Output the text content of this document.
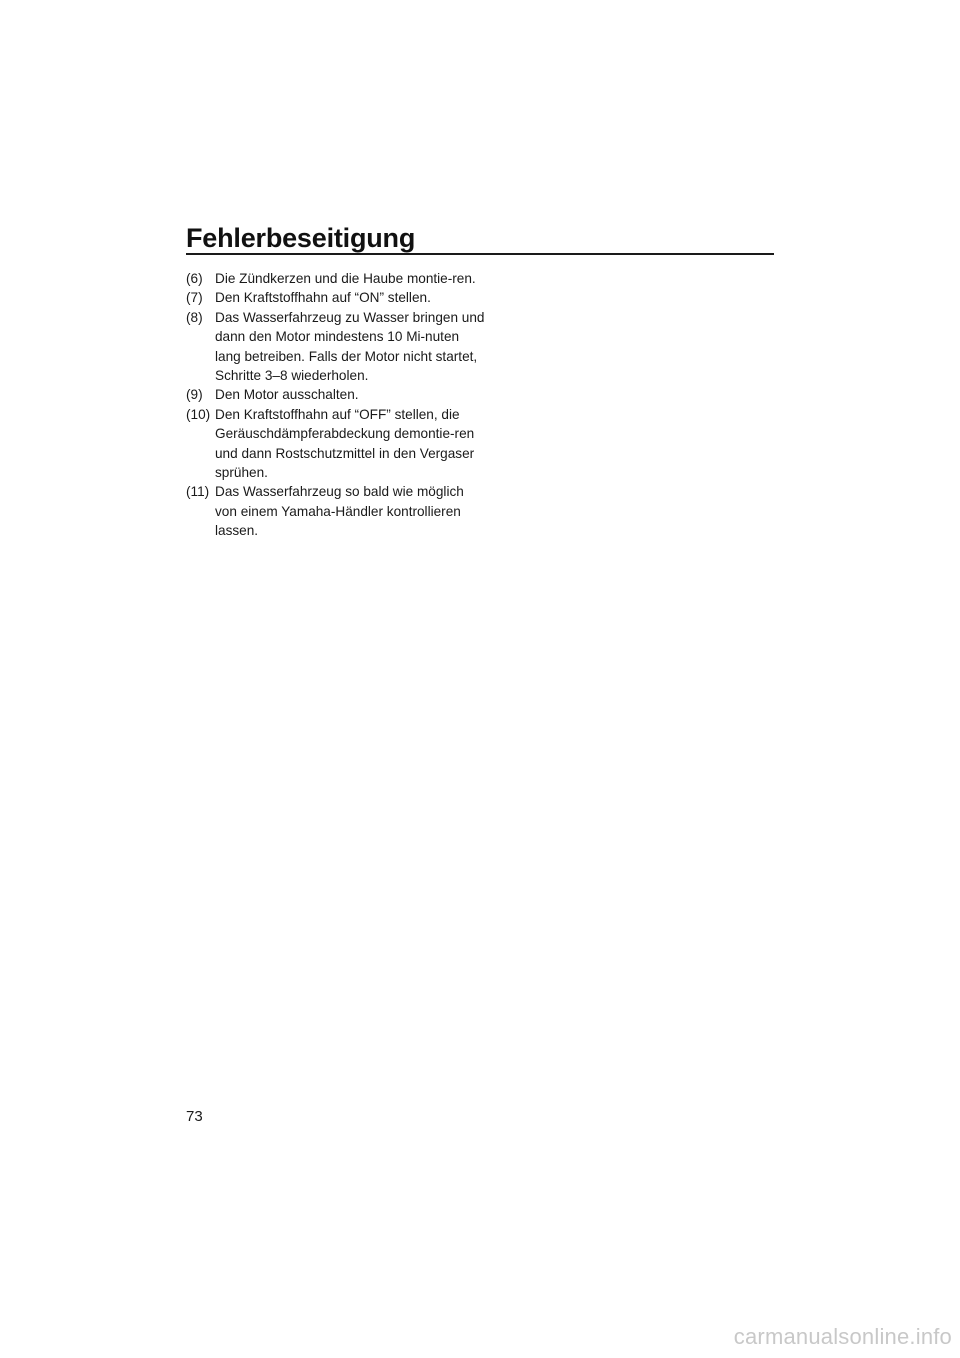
Fehlerbeseitigung
(6) Die Zündkerzen und die Haube montie-ren.
(7) Den Kraftstoffhahn auf “ON” stellen.
(8) Das Wasserfahrzeug zu Wasser bringen und dann den Motor mindestens 10 Mi-nuten lang betreiben. Falls der Motor nicht startet, Schritte 3–8 wiederholen.
(9) Den Motor ausschalten.
(10) Den Kraftstoffhahn auf “OFF” stellen, die Geräuschdämpferabdeckung demontie-ren und dann Rostschutzmittel in den Vergaser sprühen.
(11) Das Wasserfahrzeug so bald wie möglich von einem Yamaha-Händler kontrollieren lassen.
73
carmanualsonline.info
